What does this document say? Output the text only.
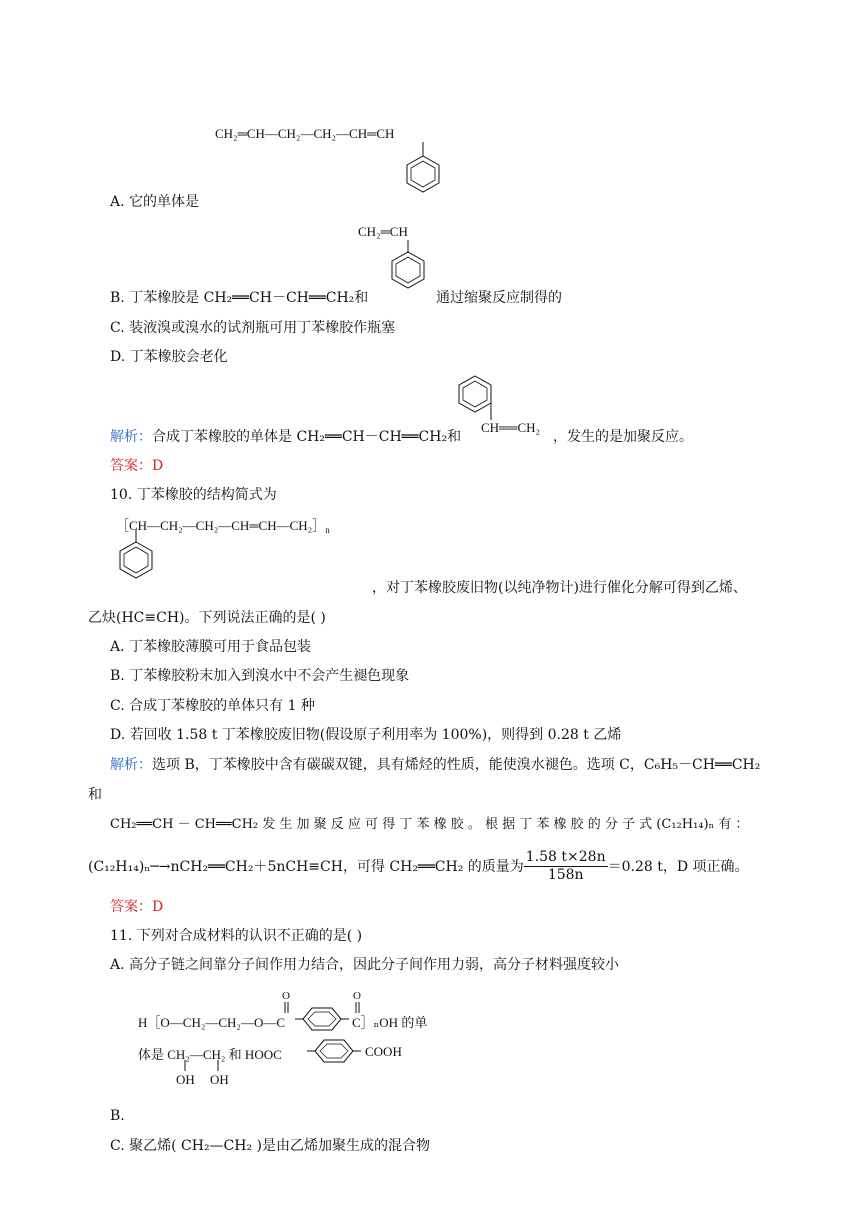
CH₂═CH—CH₂—CH₂—CH═CH
A. 它的单体是
CH₂═CH
B. 丁苯橡胶是 CH₂══CH－CH══CH₂和	通过缩聚反应制得的
C. 装液溴或溴水的试剂瓶可用丁苯橡胶作瓶塞
D. 丁苯橡胶会老化
解析：合成丁苯橡胶的单体是 CH₂══CH－CH══CH₂和
CH══CH₂
，发生的是加聚反应。
答案：D
10. 丁苯橡胶的结构简式为
$[CH—CH_2—CH_2—CH═CH—CH_2]_n$
，对丁苯橡胶废旧物(以纯净物计)进行催化分解可得到乙烯、
乙炔(HC≡CH)。下列说法正确的是( )
A. 丁苯橡胶薄膜可用于食品包装
B. 丁苯橡胶粉末加入到溴水中不会产生褪色现象
C. 合成丁苯橡胶的单体只有 1 种
D. 若回收 1.58 t 丁苯橡胶废旧物(假设原子利用率为 100%)，则得到 0.28 t 乙烯
解析：选项 B，丁苯橡胶中含有碳碳双键，具有烯烃的性质，能使溴水褪色。选项 C，C₆H₅－CH══CH₂
和
CH₂══CH － CH══CH₂ 发 生 加 聚 反 应 可 得 丁 苯 橡 胶 。 根 据 丁 苯 橡 胶 的 分 子 式 (C₁₂H₁₄)ₙ 有 ：
(C₁₂H₁₄)ₙ─→nCH₂══CH₂＋5nCH≡CH，可得 CH₂══CH₂ 的质量为 $\frac{1.58 t\times 28n}{158n} =0.28$ t，D 项正确。
答案：D
11. 下列对合成材料的认识不正确的是( )
A. 高分子链之间靠分子间作用力结合，因此分子间作用力弱，高分子材料强度较小
H［O—CH₂—CH₂—O—C
O	O
C］ₙOH 的单
体是 CH₂—CH₂ 和 HOOC	COOH
OH OH
B.
C. 聚乙烯( CH₂—CH₂ )是由乙烯加聚生成的混合物
